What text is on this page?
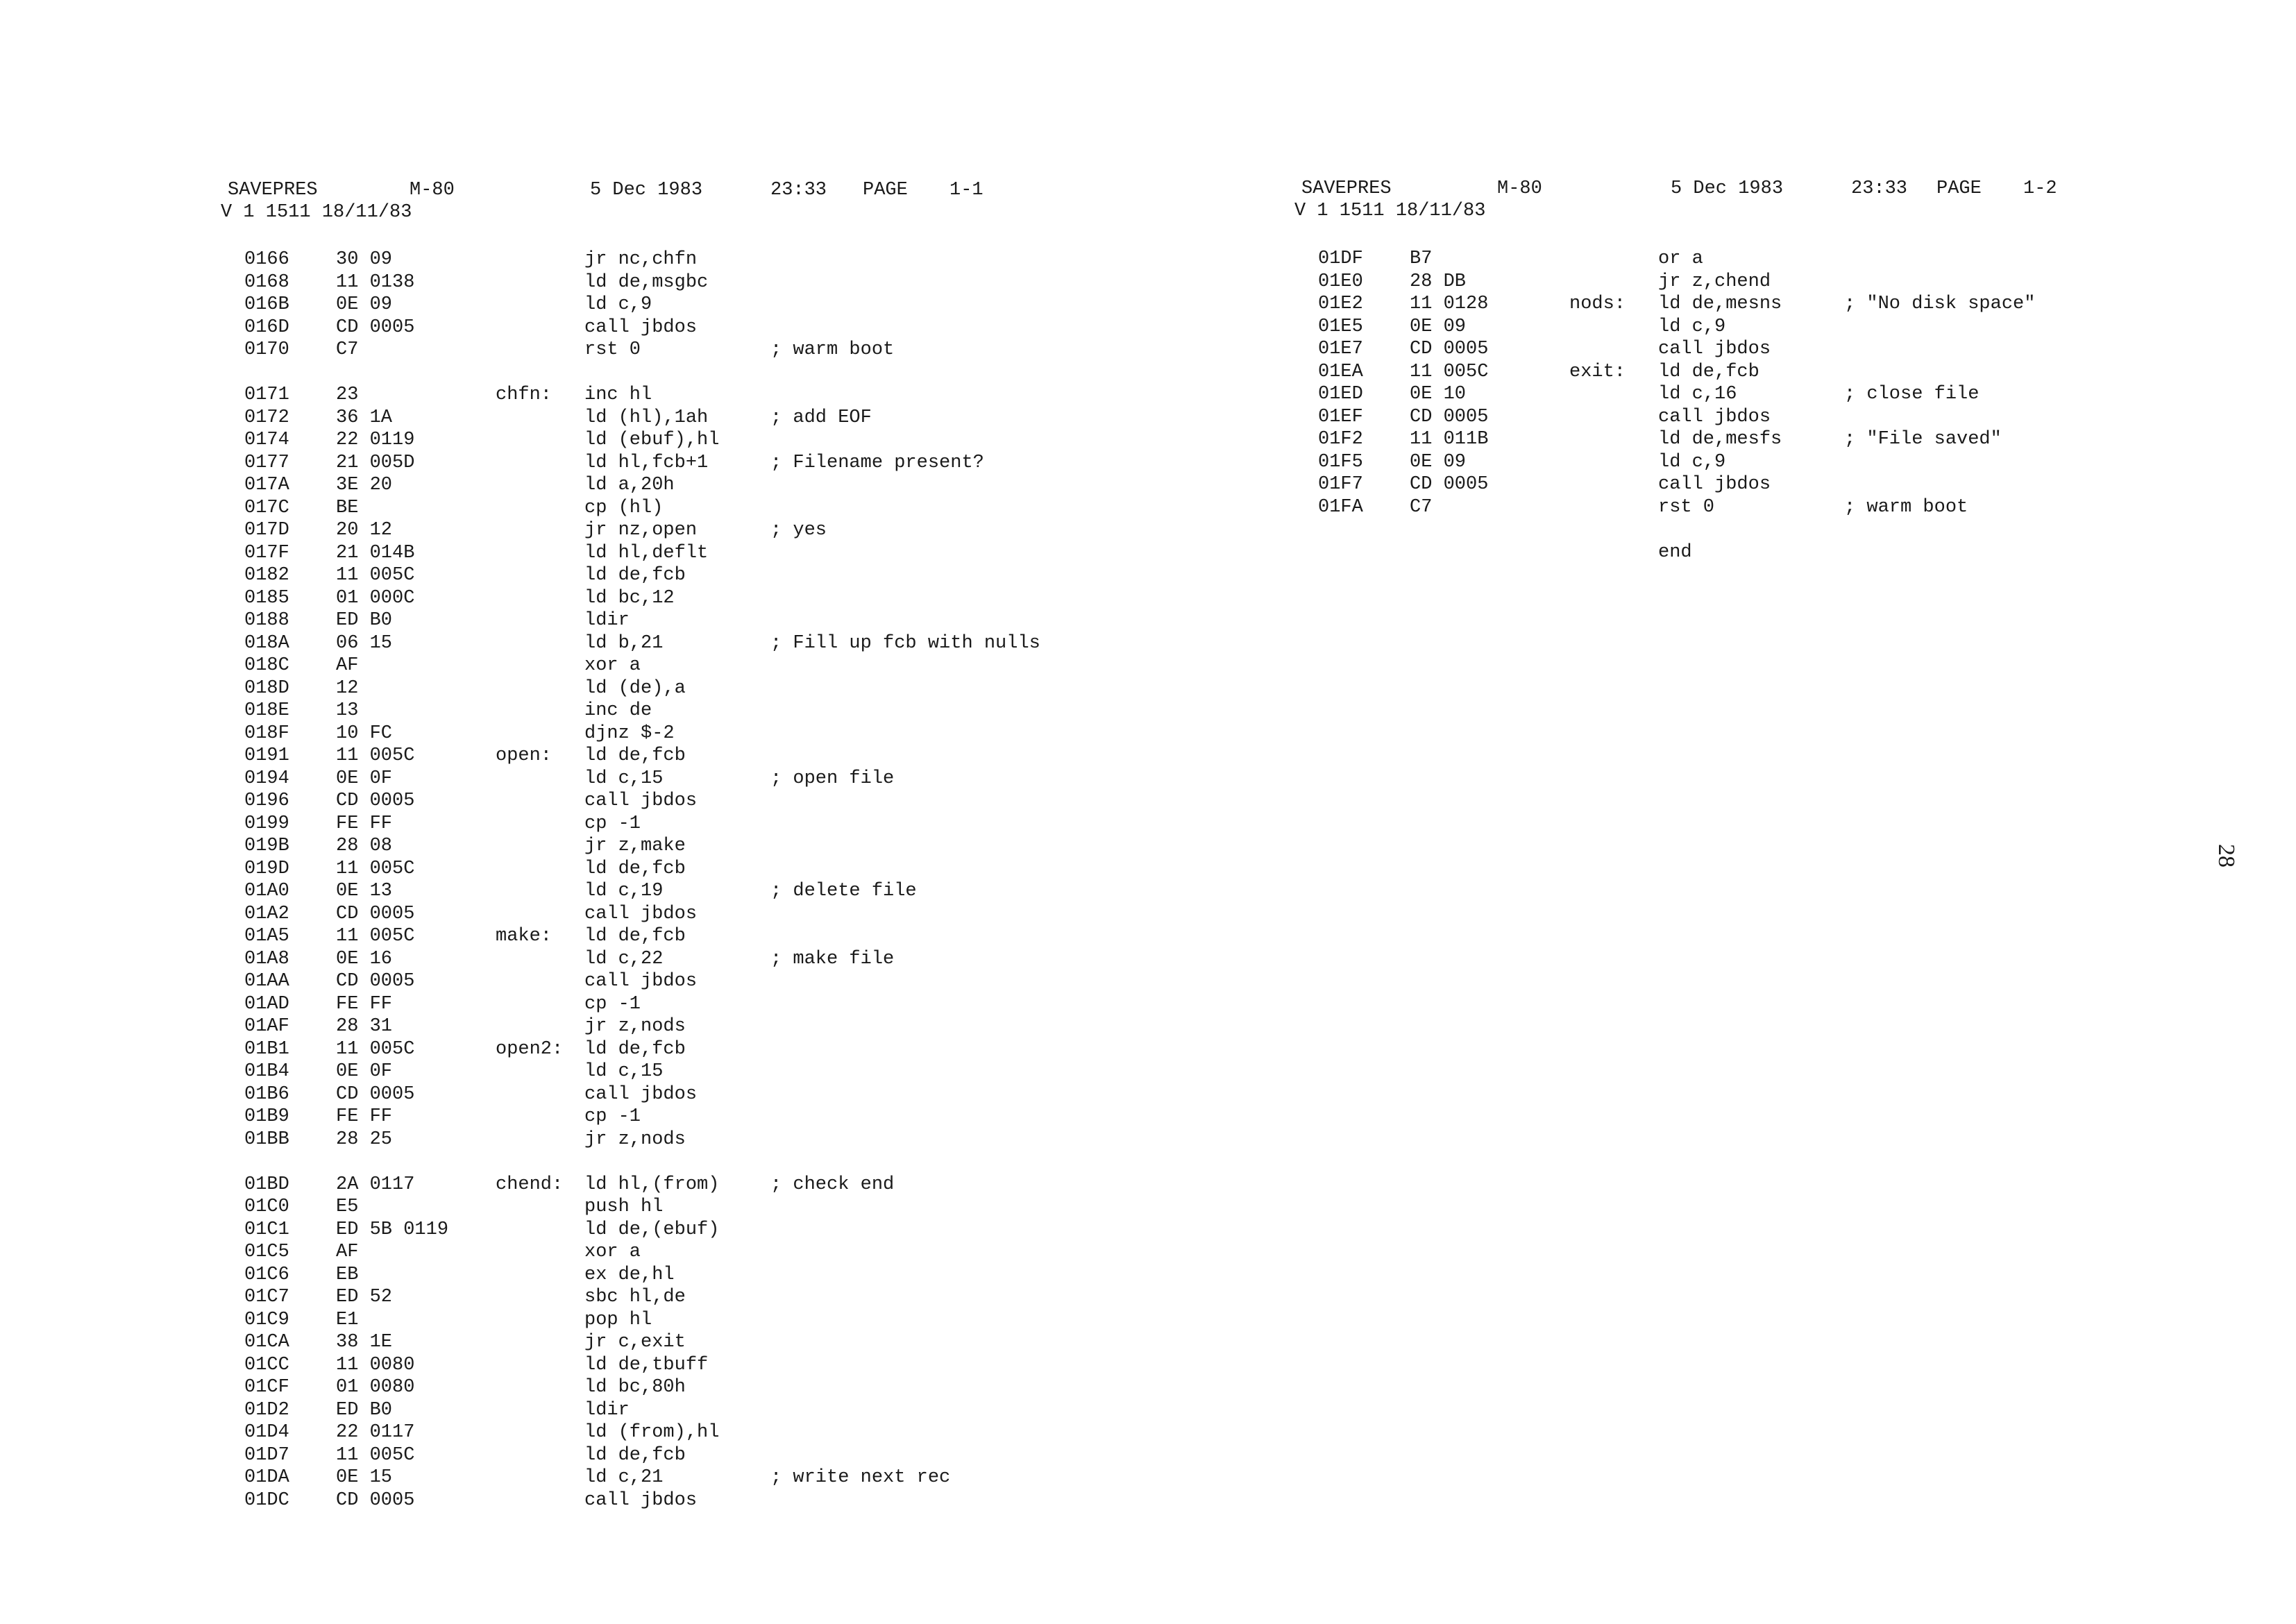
SAVEPRES

	M-80

	5 Dec 1983

	23:33

PAGE

1-1

V 1 1511 18/11/83

0166 30 09	jr nc,chfn
0168 11 0138	ld de,msgbc
016B 0E 09	ld c,9
016D CD 0005	call jbdos
0170 C7	rst 0	; warm boot
0171 23	chfn: inc hl
0172 36 1A	ld (hl),1ah	; add EOF
0174 22 0119	ld (ebuf),hl
0177 21 005D	ld hl,fcb+1	; Filename present?
017A 3E 20	ld a,20h
017C BE	cp (hl)
017D 20 12	jr nz,open	; yes
017F 21 014B	ld hl,deflt
0182 11 005C	ld de,fcb
0185 01 000C	ld bc,12
0188 ED B0	ldir
018A 06 15	ld b,21	; Fill up fcb with nulls
018C AF	xor a
018D 12	ld (de),a
018E 13	inc de
018F 10 FC	djnz $-2
0191 11 005C	open: ld de,fcb
0194 0E 0F	ld c,15	; open file
0196 CD 0005	call jbdos
0199 FE FF	cp -1
019B 28 08	jr z,make
019D 11 005C	ld de,fcb
01A0 0E 13	ld c,19	; delete file
01A2 CD 0005	call jbdos
01A5 11 005C	make: ld de,fcb
01A8 0E 16	ld c,22	; make file
01AA CD 0005	call jbdos
01AD FE FF	cp -1
01AF 28 31	jr z,nods
01B1 11 005C	open2: ld de,fcb
01B4 0E 0F	ld c,15
01B6 CD 0005	call jbdos
01B9 FE FF	cp -1
01BB 28 25	jr z,nods
01BD 2A 0117	chend: ld hl,(from)	; check end
01C0 E5	push hl
01C1 ED 5B 0119	ld de,(ebuf)
01C5 AF	xor a
01C6 EB	ex de,hl
01C7 ED 52	sbc hl,de
01C9 E1	pop hl
01CA 38 1E	jr c,exit
01CC 11 0080	ld de,tbuff
01CF 01 0080	ld bc,80h
01D2 ED B0	ldir
01D4 22 0117	ld (from),hl
01D7 11 005C	ld de,fcb
01DA 0E 15	ld c,21	; write next rec
01DC CD 0005	call jbdos

SAVEPRES

	M-80

	5 Dec 1983

	23:33

PAGE

1-2

V 1 1511 18/11/83

01DF B7	or a
01E0 28 DB	jr z,chend
01E2 11 0128	nods: ld de,mesns	; "No disk space"
01E5 0E 09	ld c,9
01E7 CD 0005	call jbdos
01EA 11 005C	exit: ld de,fcb
01ED 0E 10	ld c,16	; close file
01EF CD 0005	call jbdos
01F2 11 011B	ld de,mesfs	; "File saved"
01F5 0E 09	ld c,9
01F7 CD 0005	call jbdos
01FA C7	rst 0	; warm boot
end
28
